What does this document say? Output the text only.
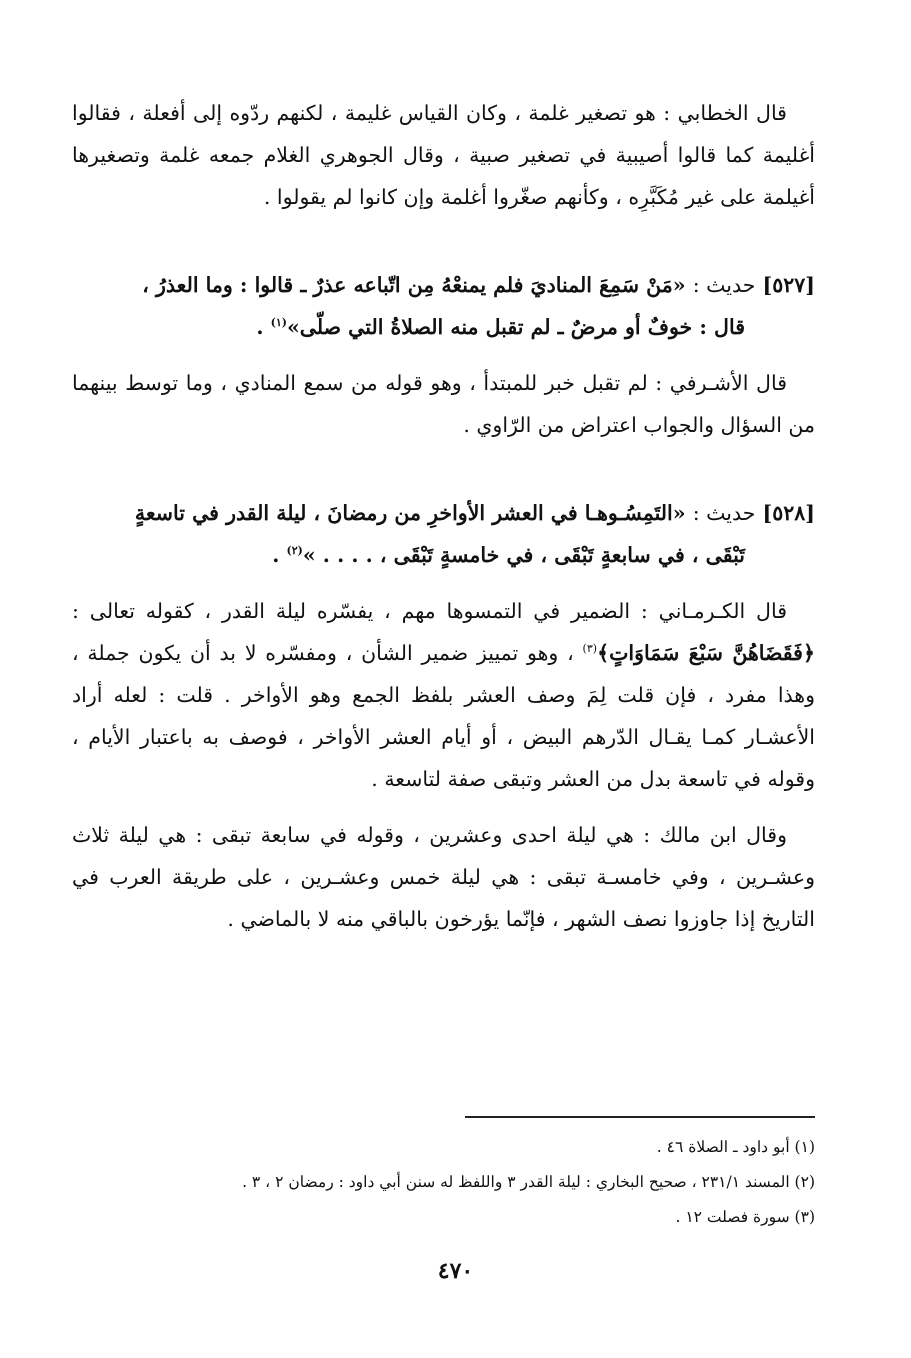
قال الخطابي : هو تصغير غلمة ، وكان القياس غليمة ، لكنهم ردّوه إلى أفعلة ، فقالوا أغليمة كما قالوا أصيبية في تصغير صبية ، وقال الجوهري الغلام جمعه غلمة وتصغيرها أغيلمة على غير مُكَبَّرِه ، وكأنهم صغّروا أغلمة وإن كانوا لم يقولوا .

[٥٢٧] حديث : «مَنْ سَمِعَ المناديَ فلم يمنعْهُ مِن اتّباعه عذرٌ ـ قالوا : وما العذرُ ،
قال : خوفٌ أو مرضٌ ـ لم تقبل منه الصلاةُ التي صلّى»$^{(١)}$ .

قال الأشـرفي : لم تقبل خبر للمبتدأ ، وهو قوله من سمع المنادي ، وما توسط بينهما من السؤال والجواب اعتراض من الرّاوي .

[٥٢٨] حديث : «التَمِسُـوهـا في العشر الأواخرِ من رمضانَ ، ليلة القدر في تاسعةٍ
تَبْقَى ، في سابعةٍ تَبْقَى ، في خامسةٍ تَبْقَى ، . . . . »$^{(٢)}$ .

قال الكـرمـاني : الضمير في التمسوها مهم ، يفسّره ليلة القدر ، كقوله تعالى : ﴿فَقَضَاهُنَّ سَبْعَ سَمَاوَاتٍ﴾$^{(٣)}$ ، وهو تمييز ضمير الشأن ، ومفسّره لا بد أن يكون جملة ، وهذا مفرد ، فإن قلت لِمَ وصف العشر بلفظ الجمع وهو الأواخر . قلت : لعله أراد الأعشـار كمـا يقـال الدّرهم البيض ، أو أيام العشر الأواخر ، فوصف به باعتبار الأيام ، وقوله في تاسعة بدل من العشر وتبقى صفة لتاسعة .

وقال ابن مالك : هي ليلة احدى وعشرين ، وقوله في سابعة تبقى : هي ليلة ثلاث وعشـرين ، وفي خامسـة تبقى : هي ليلة خمس وعشـرين ، على طريقة العرب في التاريخ إذا جاوزوا نصف الشهر ، فإنّما يؤرخون بالباقي منه لا بالماضي .

(١) أبو داود ـ الصلاة ٤٦ .
(٢) المسند ٢٣١/١ ، صحيح البخاري : ليلة القدر ٣ واللفظ له سنن أبي داود : رمضان ٢ ، ٣ .
(٣) سورة فصلت ١٢ .
٤٧٠
